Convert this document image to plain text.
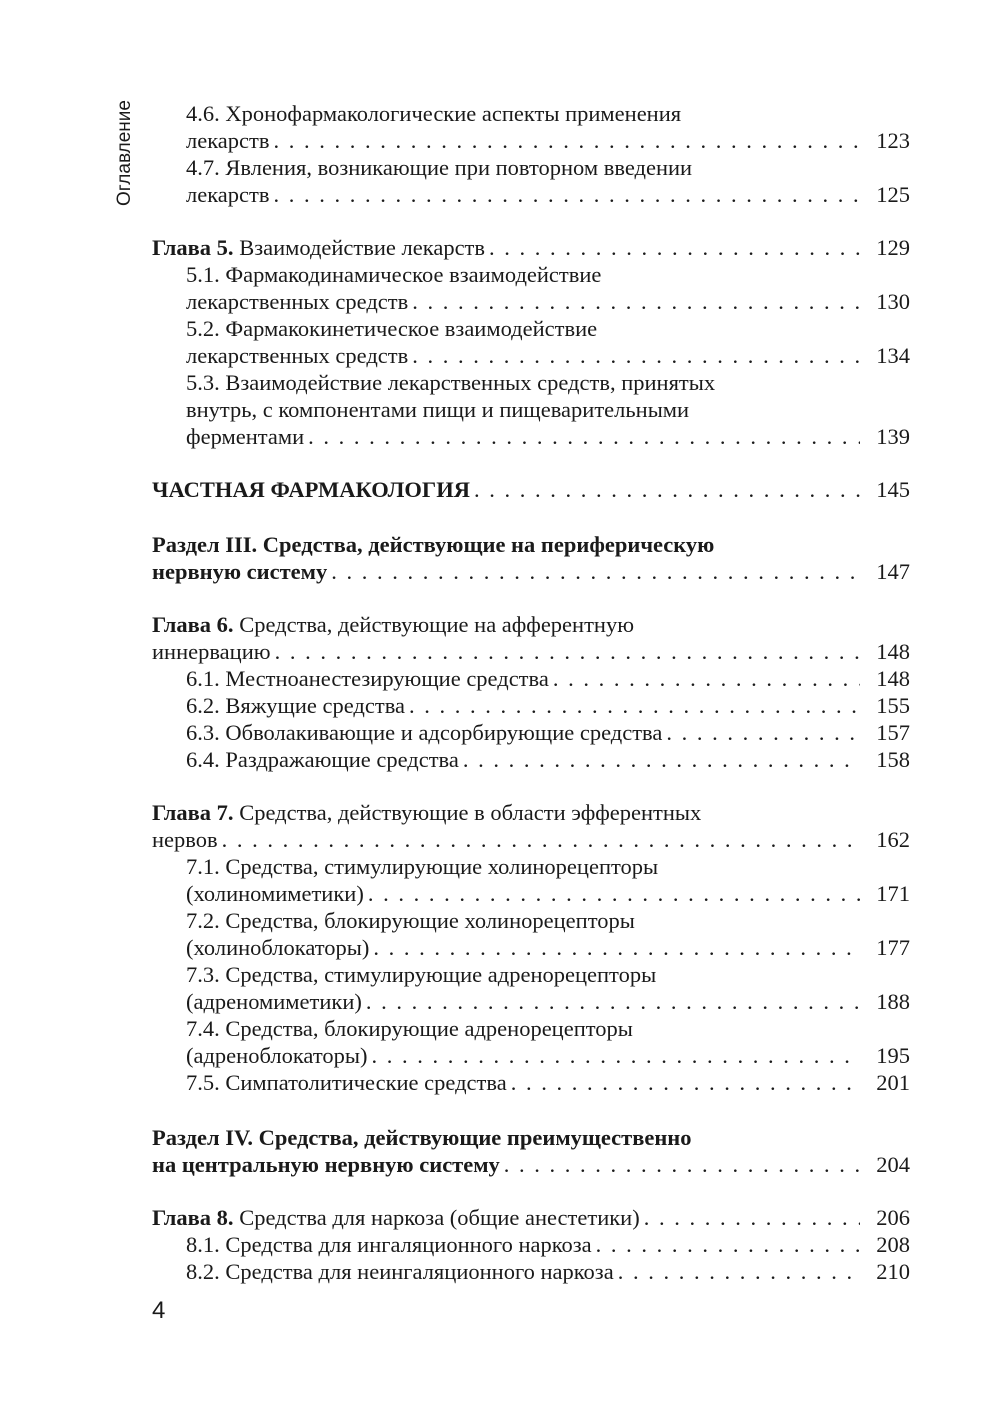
Оглавление 4.6. Хронофармакологические аспекты применения
лекарств . . .	123
4.7. Явления, возникающие при повторном введении
лекарств . . .	125
Глава 5. Взаимодействие лекарств . . .	129
5.1. Фармакодинамическое взаимодействие
лекарственных средств . . .	130
5.2. Фармакокинетическое взаимодействие
лекарственных средств . . .	134
5.3. Взаимодействие лекарственных средств, принятых
внутрь, с компонентами пищи и пищеварительными
ферментами . . .	139
ЧАСТНАЯ ФАРМАКОЛОГИЯ . . .	145
Раздел III. Средства, действующие на периферическую
нервную систему . . .	147
Глава 6. Средства, действующие на афферентную
иннервацию . . .	148
6.1. Местноанестезирующие средства . . .	148
6.2. Вяжущие средства . . .	155
6.3. Обволакивающие и адсорбирующие средства . . .	157
6.4. Раздражающие средства . . .	158
Глава 7. Средства, действующие в области эфферентных
нервов . . .	162
7.1. Средства, стимулирующие холинорецепторы
(холиномиметики) . . .	171
7.2. Средства, блокирующие холинорецепторы
(холиноблокаторы) . . .	177
7.3. Средства, стимулирующие адренорецепторы
(адреномиметики) . . .	188
7.4. Средства, блокирующие адренорецепторы
(адреноблокаторы) . . .	195
7.5. Симпатолитические средства . . .	201
Раздел IV. Средства, действующие преимущественно
на центральную нервную систему . . .	204
Глава 8. Средства для наркоза (общие анестетики) . . .	206
8.1. Средства для ингаляционного наркоза . . .	208
8.2. Средства для неингаляционного наркоза . . .	210
4
